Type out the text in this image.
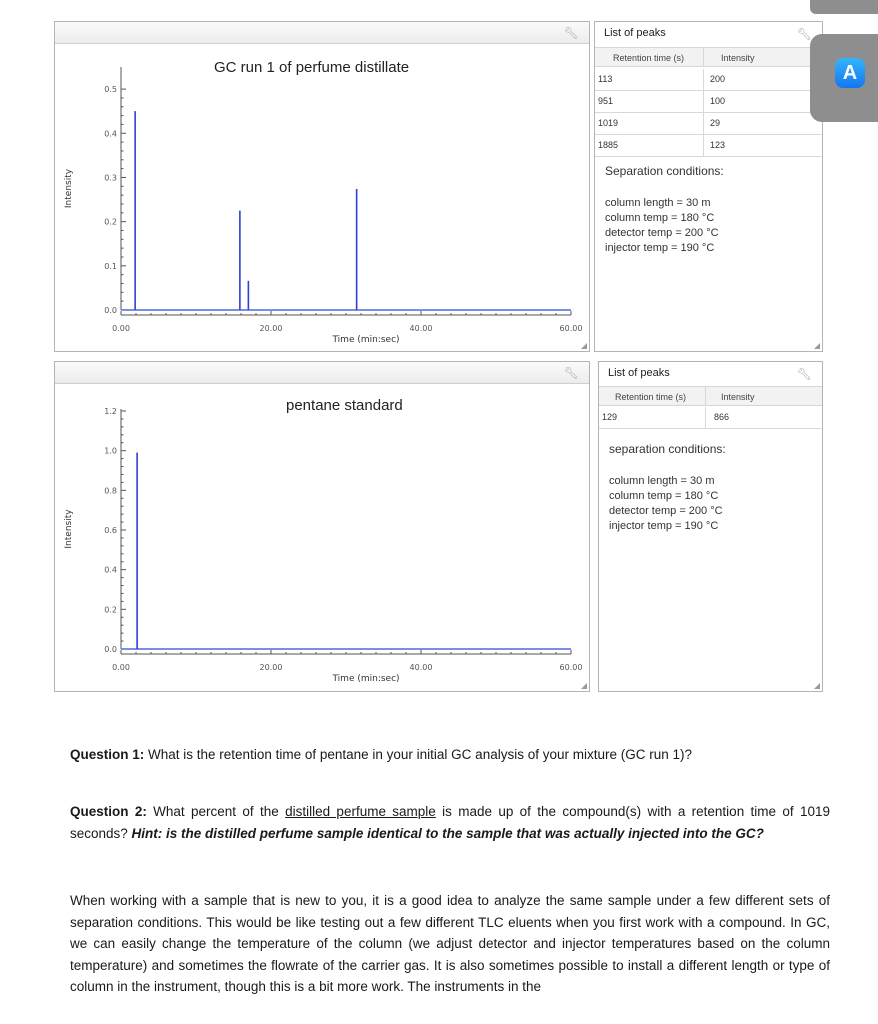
🔧︎
GC run 1 of perfume distillate
0.0
0.1
0.2
0.3
0.4
0.5
0.00	20.00	40.00	60.00
Time (min:sec)
Intensity
List of peaks	🔧︎
Retention time (s)	Intensity
Separation conditions:
column length = 30 m
column temp = 180 °C
detector temp = 200 °C
injector temp = 190 °C
113	200
951	100
1019	29
1885	123
🔧︎
pentane standard
0.0
0.2
0.4
0.6
0.8
1.0
1.2
0.00	20.00	40.00	60.00
Time (min:sec)
Intensity
List of peaks	🔧︎
Retention time (s)	Intensity
separation conditions:
column length = 30 m
column temp = 180 °C
detector temp = 200 °C
injector temp = 190 °C
129	866
Question 1: What is the retention time of pentane in your initial GC analysis of your mixture (GC run 1)?
Question 2: What percent of the distilled perfume sample is made up of the compound(s) with a retention time of 1019 seconds? Hint: is the distilled perfume sample identical to the sample that was actually injected into the GC?
When working with a sample that is new to you, it is a good idea to analyze the same sample under a few different sets of separation conditions. This would be like testing out a few different TLC eluents when you first work with a compound. In GC, we can easily change the temperature of the column (we adjust detector and injector temperatures based on the column temperature) and sometimes the flowrate of the carrier gas. It is also sometimes possible to install a different length or type of column in the instrument, though this is a bit more work. The instruments in the
A
